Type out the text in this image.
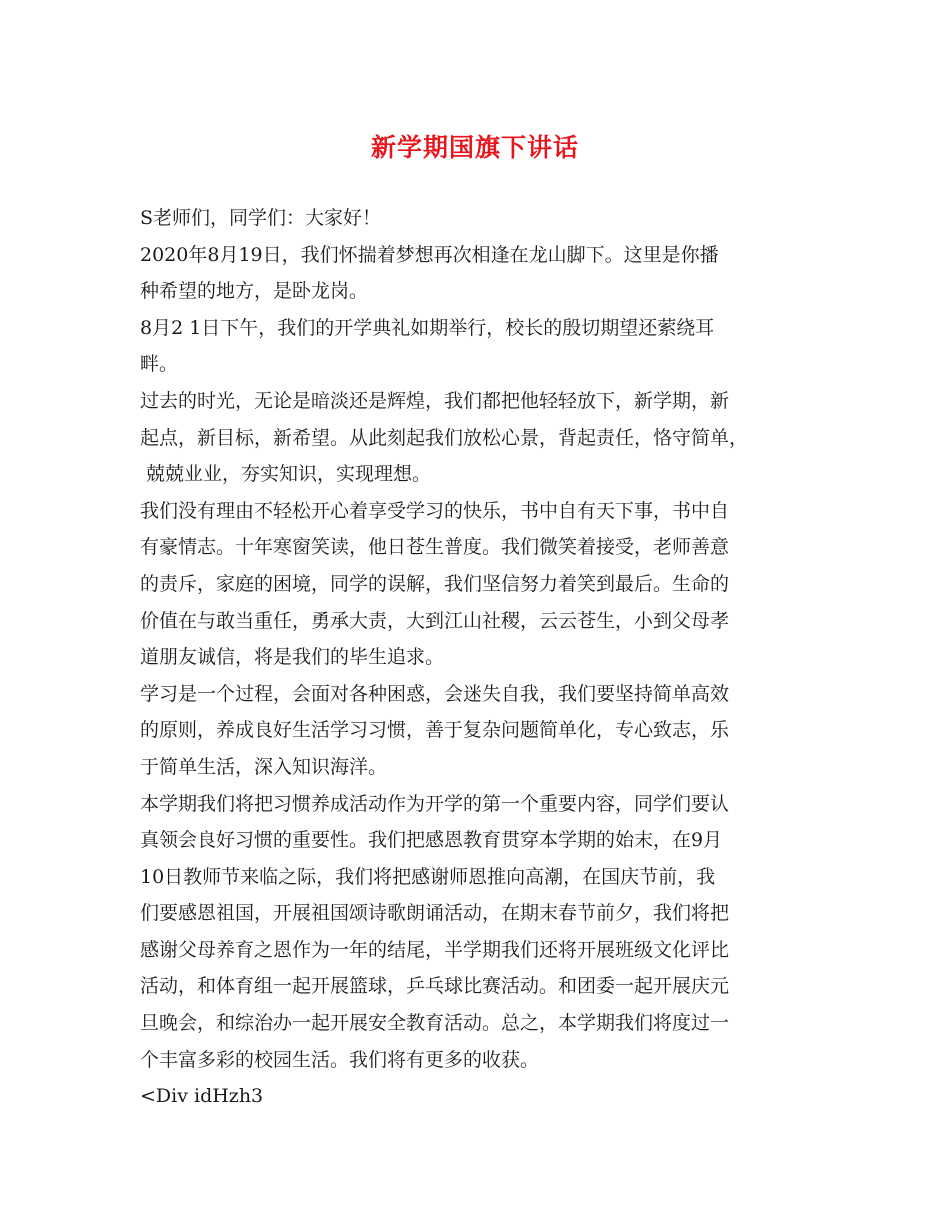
新学期国旗下讲话
S老师们，同学们：大家好！
2020年8月19日，我们怀揣着梦想再次相逢在龙山脚下。这里是你播
种希望的地方，是卧龙岗。
8月2 1日下午，我们的开学典礼如期举行，校长的殷切期望还萦绕耳
畔。
过去的时光，无论是暗淡还是辉煌，我们都把他轻轻放下，新学期，新
起点，新目标，新希望。从此刻起我们放松心景，背起责任，恪守简单，
兢兢业业，夯实知识，实现理想。
我们没有理由不轻松开心着享受学习的快乐，书中自有天下事，书中自
有豪情志。十年寒窗笑读，他日苍生普度。我们微笑着接受，老师善意
的责斥，家庭的困境，同学的误解，我们坚信努力着笑到最后。生命的
价值在与敢当重任，勇承大责，大到江山社稷，云云苍生，小到父母孝
道朋友诚信，将是我们的毕生追求。
学习是一个过程，会面对各种困惑，会迷失自我，我们要坚持简单高效
的原则，养成良好生活学习习惯，善于复杂问题简单化，专心致志，乐
于简单生活，深入知识海洋。
本学期我们将把习惯养成活动作为开学的第一个重要内容，同学们要认
真领会良好习惯的重要性。我们把感恩教育贯穿本学期的始末，在9月
10日教师节来临之际，我们将把感谢师恩推向高潮，在国庆节前，我
们要感恩祖国，开展祖国颂诗歌朗诵活动，在期末春节前夕，我们将把
感谢父母养育之恩作为一年的结尾，半学期我们还将开展班级文化评比
活动，和体育组一起开展篮球，乒乓球比赛活动。和团委一起开展庆元
旦晚会，和综治办一起开展安全教育活动。总之，本学期我们将度过一
个丰富多彩的校园生活。我们将有更多的收获。
<Div idHzh3
